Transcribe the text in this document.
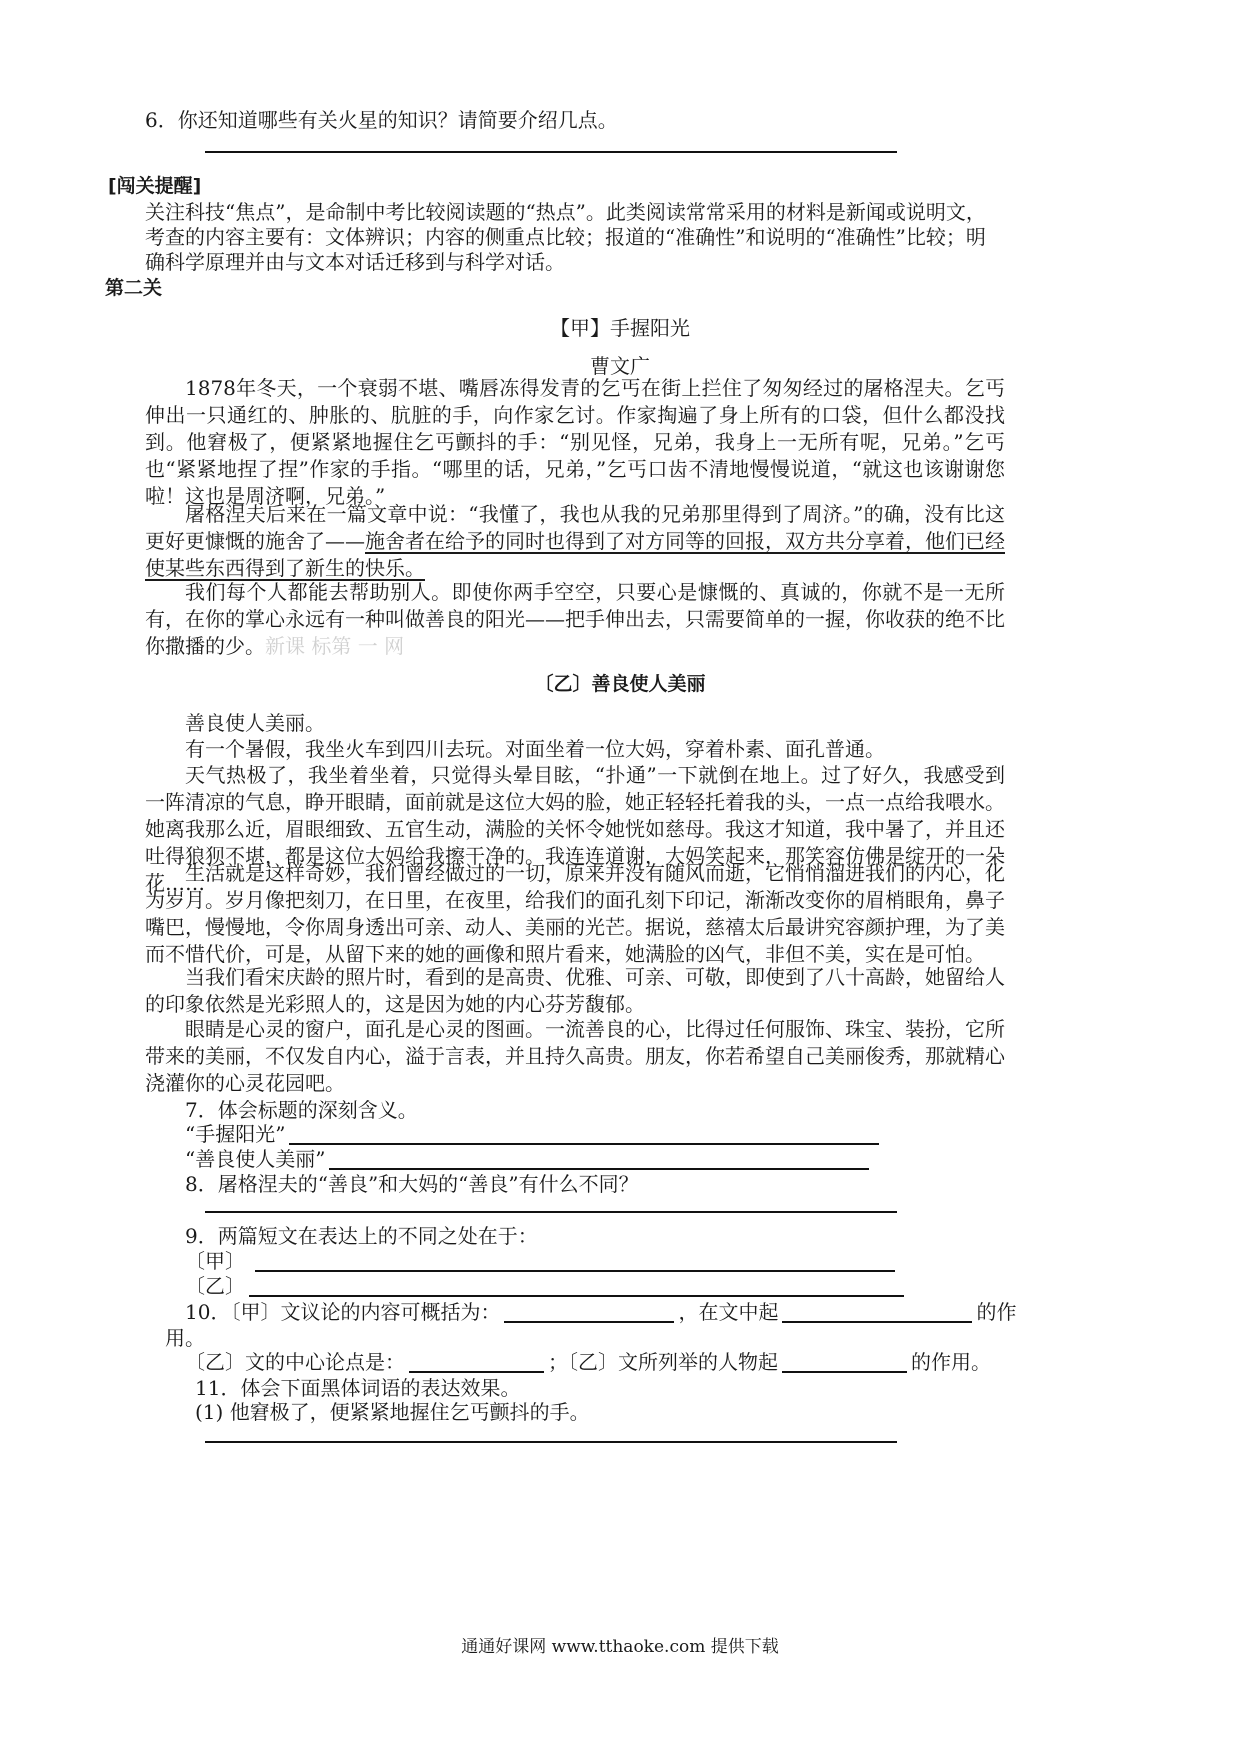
6．你还知道哪些有关火星的知识？请简要介绍几点。
[闯关提醒]
关注科技“焦点”，是命制中考比较阅读题的“热点”。此类阅读常常采用的材料是新闻或说明文，
考查的内容主要有：文体辨识；内容的侧重点比较；报道的“准确性”和说明的“准确性”比较；明
确科学原理并由与文本对话迁移到与科学对话。
第二关
【甲】手握阳光
曹文广
1878年冬天，一个衰弱不堪、嘴唇冻得发青的乞丐在街上拦住了匆匆经过的屠格涅夫。乞丐伸出一只通红的、肿胀的、肮脏的手，向作家乞讨。作家掏遍了身上所有的口袋，但什么都没找到。他窘极了，便紧紧地握住乞丐颤抖的手：“别见怪，兄弟，我身上一无所有呢，兄弟。”乞丐也“紧紧地捏了捏”作家的手指。“哪里的话，兄弟，”乞丐口齿不清地慢慢说道，“就这也该谢谢您啦！这也是周济啊，兄弟。”
屠格涅夫后来在一篇文章中说：“我懂了，我也从我的兄弟那里得到了周济。”的确，没有比这更好更慷慨的施舍了——施舍者在给予的同时也得到了对方同等的回报，双方共分享着，他们已经使某些东西得到了新生的快乐。
我们每个人都能去帮助别人。即使你两手空空，只要心是慷慨的、真诚的，你就不是一无所有，在你的掌心永远有一种叫做善良的阳光——把手伸出去，只需要简单的一握，你收获的绝不比你撒播的少。新课 标第 一 网
〔乙〕善良使人美丽
善良使人美丽。
有一个暑假，我坐火车到四川去玩。对面坐着一位大妈，穿着朴素、面孔普通。
天气热极了，我坐着坐着，只觉得头晕目眩，“扑通”一下就倒在地上。过了好久，我感受到一阵清凉的气息，睁开眼睛，面前就是这位大妈的脸，她正轻轻托着我的头，一点一点给我喂水。她离我那么近，眉眼细致、五官生动，满脸的关怀令她恍如慈母。我这才知道，我中暑了，并且还吐得狼狈不堪，都是这位大妈给我擦干净的。我连连道谢，大妈笑起来，那笑容仿佛是绽开的一朵花……
生活就是这样奇妙，我们曾经做过的一切，原来并没有随风而逝，它悄悄溜进我们的内心，化为岁月。岁月像把刻刀，在日里，在夜里，给我们的面孔刻下印记，渐渐改变你的眉梢眼角，鼻子嘴巴，慢慢地，令你周身透出可亲、动人、美丽的光芒。据说，慈禧太后最讲究容颜护理，为了美而不惜代价，可是，从留下来的她的画像和照片看来，她满脸的凶气，非但不美，实在是可怕。
当我们看宋庆龄的照片时，看到的是高贵、优雅、可亲、可敬，即使到了八十高龄，她留给人的印象依然是光彩照人的，这是因为她的内心芬芳馥郁。
眼睛是心灵的窗户，面孔是心灵的图画。一流善良的心，比得过任何服饰、珠宝、装扮，它所带来的美丽，不仅发自内心，溢于言表，并且持久高贵。朋友，你若希望自己美丽俊秀，那就精心浇灌你的心灵花园吧。
7．体会标题的深刻含义。
“手握阳光”
“善良使人美丽”
8．屠格涅夫的“善良”和大妈的“善良”有什么不同？
9．两篇短文在表达上的不同之处在于：
〔甲〕
〔乙〕
10．〔甲〕文议论的内容可概括为：	，在文中起	的作
用。
〔乙〕文的中心论点是：	；〔乙〕文所列举的人物起	的作用。
11．体会下面黑体词语的表达效果。
(1) 他窘极了，便紧紧地握住乞丐颤抖的手。
通通好课网 www.tthaoke.com 提供下载
